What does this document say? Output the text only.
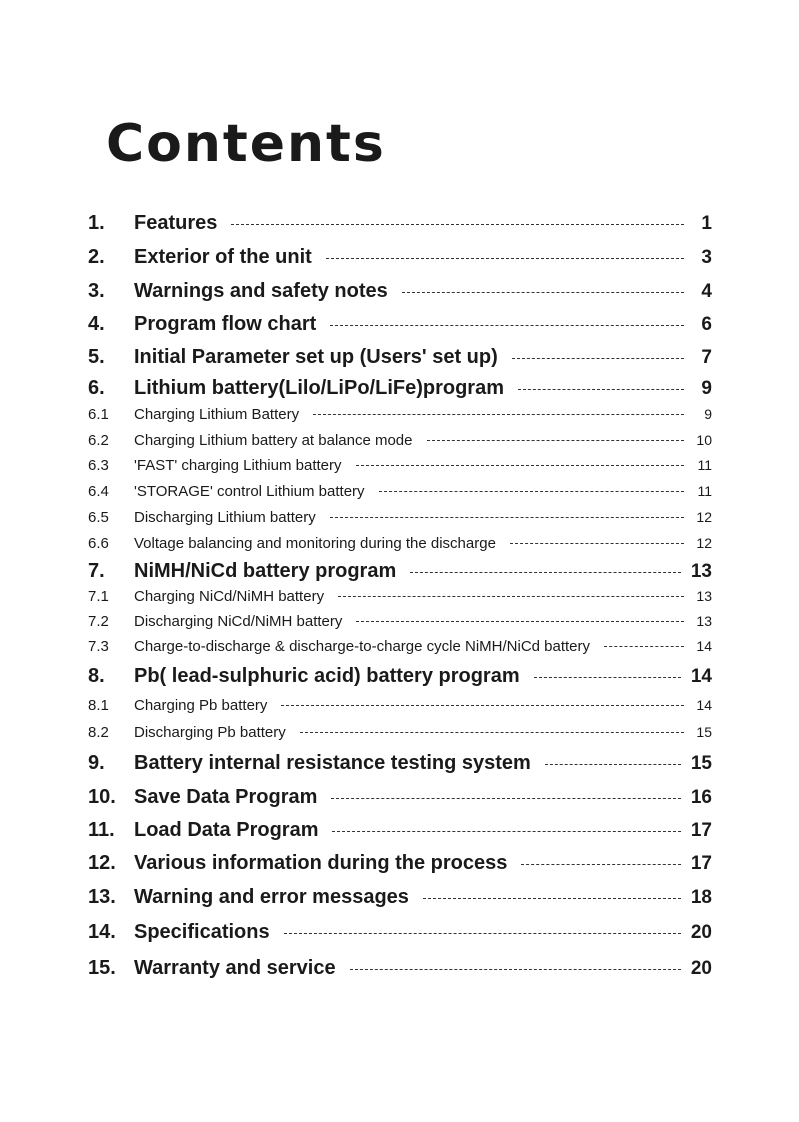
Contents
1.	Features	1
2.	Exterior of the unit	3
3.	Warnings and safety notes	4
4.	Program flow chart	6
5.	Initial Parameter set up (Users' set up)	7
6.	Lithium battery(Lilo/LiPo/LiFe)program	9
6.1	Charging Lithium Battery	9
6.2	Charging Lithium battery at balance mode	10
6.3	'FAST' charging Lithium battery	11
6.4	'STORAGE' control Lithium battery	11
6.5	Discharging Lithium battery	12
6.6	Voltage balancing and monitoring during the discharge	12
7.	NiMH/NiCd battery program	13
7.1	Charging NiCd/NiMH battery	13
7.2	Discharging NiCd/NiMH battery	13
7.3	Charge-to-discharge & discharge-to-charge cycle NiMH/NiCd battery	14
8.	Pb( lead-sulphuric acid) battery program	14
8.1	Charging Pb battery	14
8.2	Discharging Pb battery	15
9.	Battery internal resistance testing system	15
10. Save Data Program	16
11. Load Data Program	17
12. Various information during the process	17
13. Warning and error messages	18
14. Specifications	20
15. Warranty and service	20
